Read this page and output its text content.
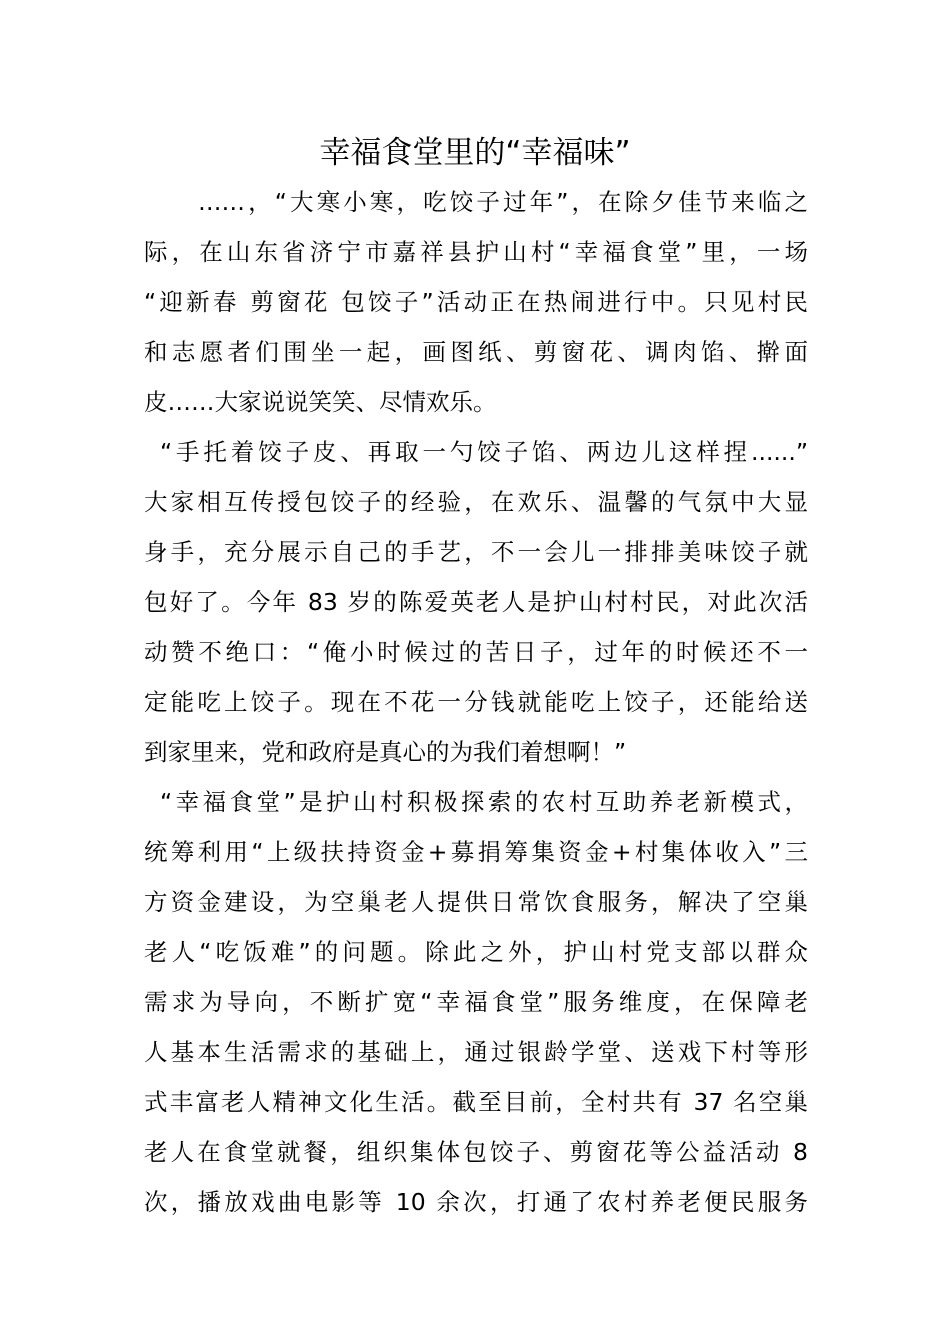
幸福食堂里的“幸福味”
……，“大寒小寒，吃饺子过年”，在除夕佳节来临之
际，在山东省济宁市嘉祥县护山村“幸福食堂”里，一场
“迎新春 剪窗花 包饺子”活动正在热闹进行中。只见村民
和志愿者们围坐一起，画图纸、剪窗花、调肉馅、擀面
皮……大家说说笑笑、尽情欢乐。
“手托着饺子皮、再取一勺饺子馅、两边儿这样捏......”
大家相互传授包饺子的经验，在欢乐、温馨的气氛中大显
身手，充分展示自己的手艺，不一会儿一排排美味饺子就
包好了。今年 83 岁的陈爱英老人是护山村村民，对此次活
动赞不绝口：“俺小时候过的苦日子，过年的时候还不一
定能吃上饺子。现在不花一分钱就能吃上饺子，还能给送
到家里来，党和政府是真心的为我们着想啊！”
“幸福食堂”是护山村积极探索的农村互助养老新模式，
统筹利用“上级扶持资金+募捐筹集资金+村集体收入”三
方资金建设，为空巢老人提供日常饮食服务，解决了空巢
老人“吃饭难”的问题。除此之外，护山村党支部以群众
需求为导向，不断扩宽“幸福食堂”服务维度，在保障老
人基本生活需求的基础上，通过银龄学堂、送戏下村等形
式丰富老人精神文化生活。截至目前，全村共有 37 名空巢
老人在食堂就餐，组织集体包饺子、剪窗花等公益活动 8
次，播放戏曲电影等 10 余次，打通了农村养老便民服务
